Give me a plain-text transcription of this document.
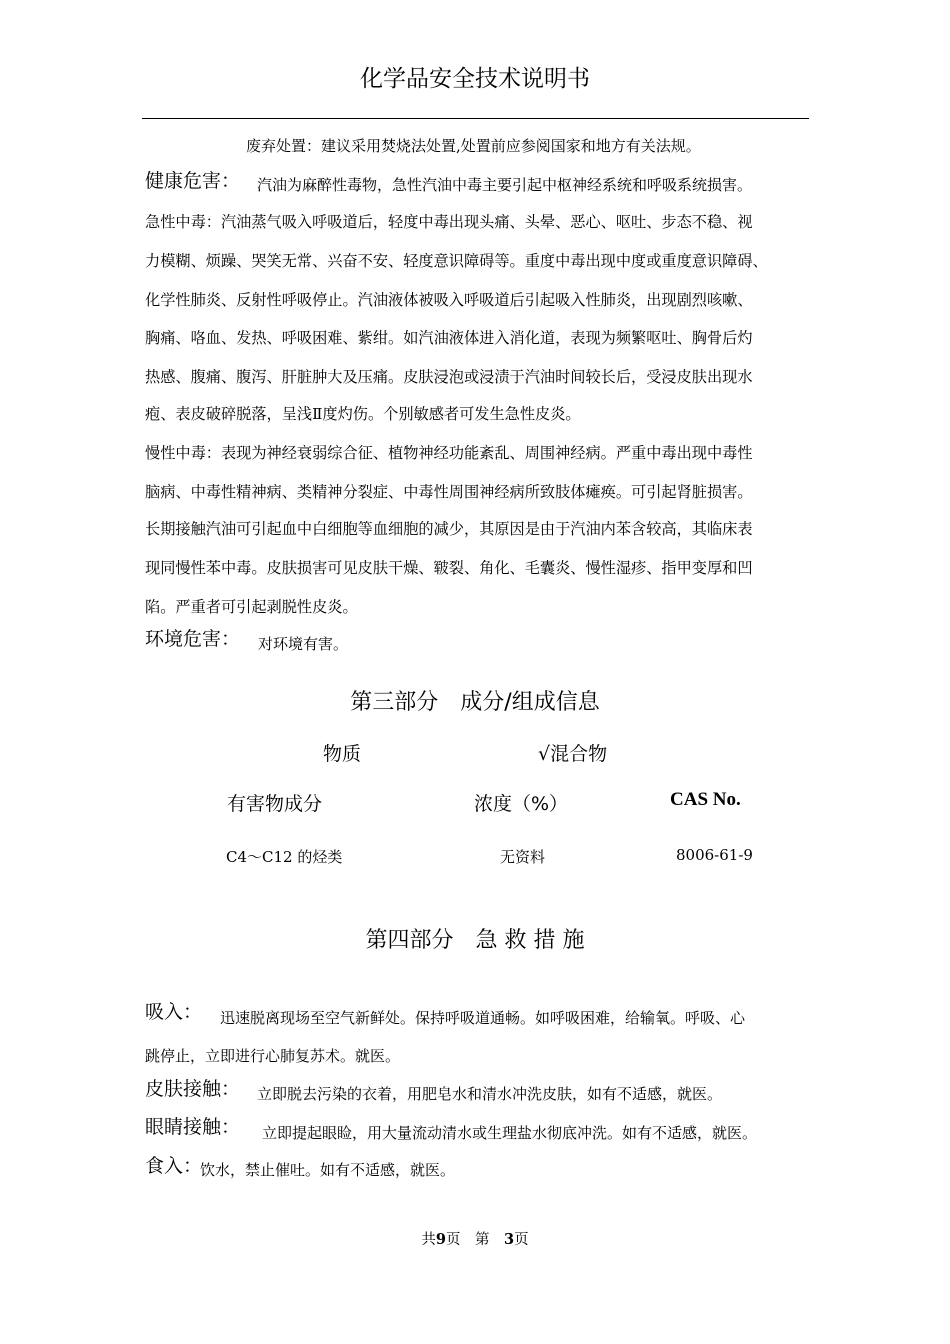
化学品安全技术说明书
废弃处置：建议采用焚烧法处置,处置前应参阅国家和地方有关法规。
健康危害： 汽油为麻醉性毒物，急性汽油中毒主要引起中枢神经系统和呼吸系统损害。
急性中毒：汽油蒸气吸入呼吸道后，轻度中毒出现头痛、头晕、恶心、呕吐、步态不稳、视
力模糊、烦躁、哭笑无常、兴奋不安、轻度意识障碍等。重度中毒出现中度或重度意识障碍、
化学性肺炎、反射性呼吸停止。汽油液体被吸入呼吸道后引起吸入性肺炎，出现剧烈咳嗽、
胸痛、咯血、发热、呼吸困难、紫绀。如汽油液体进入消化道，表现为频繁呕吐、胸骨后灼
热感、腹痛、腹泻、肝脏肿大及压痛。皮肤浸泡或浸渍于汽油时间较长后，受浸皮肤出现水
疱、表皮破碎脱落，呈浅Ⅱ度灼伤。个别敏感者可发生急性皮炎。
慢性中毒：表现为神经衰弱综合征、植物神经功能紊乱、周围神经病。严重中毒出现中毒性
脑病、中毒性精神病、类精神分裂症、中毒性周围神经病所致肢体瘫痪。可引起肾脏损害。
长期接触汽油可引起血中白细胞等血细胞的减少，其原因是由于汽油内苯含较高，其临床表
现同慢性苯中毒。皮肤损害可见皮肤干燥、皲裂、角化、毛囊炎、慢性湿疹、指甲变厚和凹
陷。严重者可引起剥脱性皮炎。
环境危害： 对环境有害。
第三部分　成分/组成信息
物质	√混合物
有害物成分	浓度（%）	CAS No.
C4～C12 的烃类	无资料	8006-61-9
第四部分　急 救 措 施
吸入： 迅速脱离现场至空气新鲜处。保持呼吸道通畅。如呼吸困难，给输氧。呼吸、心
跳停止，立即进行心肺复苏术。就医。
皮肤接触： 立即脱去污染的衣着，用肥皂水和清水冲洗皮肤，如有不适感，就医。
眼睛接触： 立即提起眼睑，用大量流动清水或生理盐水彻底冲洗。如有不适感，就医。
食入：
饮水，禁止催吐。如有不适感，就医。
共9页　第　3页
